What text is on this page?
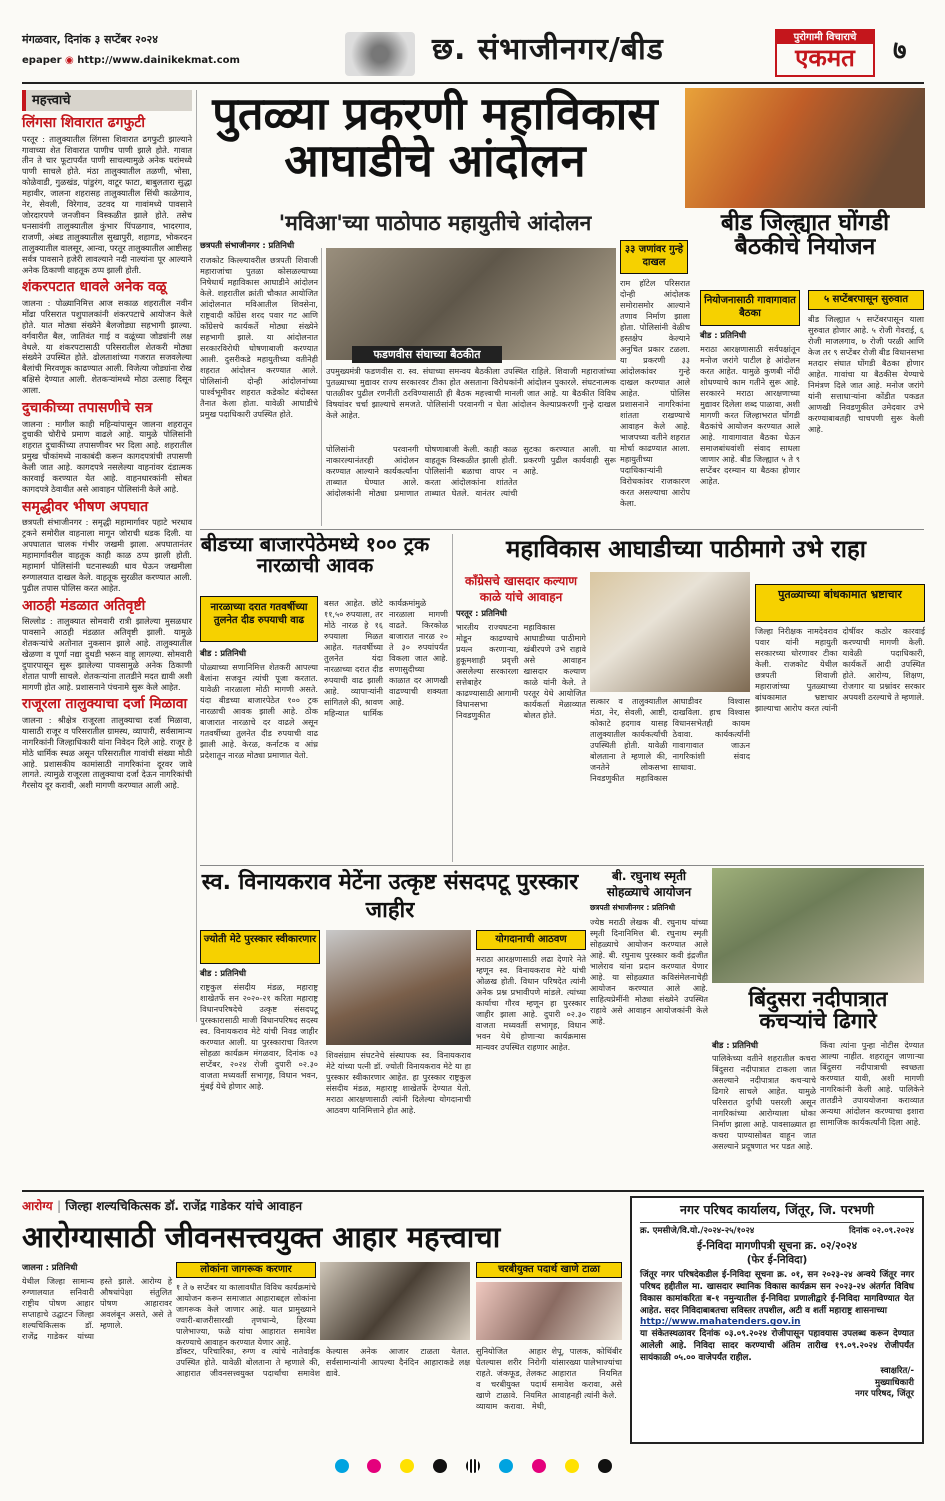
मंगळवार, दिनांक ३ सप्टेंबर २०२४
epaper ◉ http://www.dainikekmat.com	छ. संभाजीनगर/बीड	पुरोगामी विचाराचे
एकमत	७
महत्त्वाचे
लिंगसा शिवारात ढगफुटी
परतूर : तालुक्यातील लिंगसा शिवारात ढगफुटी झाल्याने गावाच्या शेत शिवारात पाणीच पाणी झाले होते. गावात तीन ते चार फूटापर्यंत पाणी साचल्यामुळे अनेक घरांमध्ये पाणी साचले होते. मंठा तालुक्यातील तळणी, भोसा, कोळेवाडी, गुळखंड, पांडुरंग, वाटूर फाटा, बाबुलतारा सुद्धा महावीर, जालना शहरासह तालुक्यातील सिंधी काळेगाव, नेर, सेवली, विरेगाव, उटवद या गावांमध्ये पावसाने जोरदारपणे जनजीवन विस्कळीत झाले होते. तसेच घनसावंगी तालुक्यातील कुंभार पिंपळगाव, भादरगाव, राजणी, अंबड तालुक्यातील सुखापुरी, शहागड, भोकरदन तालुक्यातील वालसूर, आन्वा, परतूर तालुक्यातील आष्टीसह सर्वत्र पावसाने हजेरी लावल्याने नदी नाल्यांना पूर आल्याने अनेक ठिकाणी वाहतूक ठप्प झाली होती.
शंकरपटात धावले अनेक वळू
जालना : पोळ्यानिमित्त आज सकाळ शहरातील नवीन मोंढा परिसरात पशुपालकांनी शंकरपटाचे आयोजन केले होते. यात मोठ्या संख्येने बैलजोड्या सहभागी झाल्या. वर्गवारीत बैल, जातिवंत गाई व वळूंच्या जोड्यांनी लक्ष वेधले. या शंकरपटासाठी परिसरातील शेतकरी मोठ्या संख्येने उपस्थित होते. ढोलताशांच्या गजरात सजवलेल्या बैलांची मिरवणूक काढण्यात आली. विजेत्या जोड्यांना रोख बक्षिसे देण्यात आली. शेतकऱ्यांमध्ये मोठा उत्साह दिसून आला.
दुचाकीच्या तपासणीचे सत्र
जालना : मागील काही महिन्यांपासून जालना शहरातून दुचाकी चोरीचे प्रमाण वाढले आहे. यामुळे पोलिसांनी शहरात दुचाकींच्या तपासणीवर भर दिला आहे. शहरातील प्रमुख चौकांमध्ये नाकाबंदी करून कागदपत्रांची तपासणी केली जात आहे. कागदपत्रे नसलेल्या वाहनांवर दंडात्मक कारवाई करण्यात येत आहे. वाहनधारकांनी सोबत कागदपत्रे ठेवावीत असे आवाहन पोलिसांनी केले आहे.
समृद्धीवर भीषण अपघात
छत्रपती संभाजीनगर : समृद्धी महामार्गावर पहाटे भरधाव ट्रकने समोरील वाहनाला मागून जोराची धडक दिली. या अपघातात चालक गंभीर जखमी झाला. अपघातानंतर महामार्गावरील वाहतूक काही काळ ठप्प झाली होती. महामार्ग पोलिसांनी घटनास्थळी धाव घेऊन जखमीला रुग्णालयात दाखल केले. वाहतूक सुरळीत करण्यात आली. पुढील तपास पोलिस करत आहेत.
आठही मंडळात अतिवृष्टी
सिल्लोड : तालुक्यात सोमवारी रात्री झालेल्या मुसळधार पावसाने आठही मंडळात अतिवृष्टी झाली. यामुळे शेतकऱ्यांचे अतोनात नुकसान झाले आहे. तालुक्यातील खेळणा व पूर्णा नद्या दुथडी भरून वाहू लागल्या. सोमवारी दुपारपासून सुरू झालेल्या पावसामुळे अनेक ठिकाणी शेतात पाणी साचले. शेतकऱ्यांना तातडीने मदत द्यावी अशी मागणी होत आहे. प्रशासनाने पंचनामे सुरू केले आहेत.
राजूरला तालुक्याचा दर्जा मिळावा
जालना : श्रीक्षेत्र राजूरला तालुक्याचा दर्जा मिळावा, यासाठी राजूर व परिसरातील ग्रामस्थ, व्यापारी, सर्वसामान्य नागरिकांनी जिल्हाधिकारी यांना निवेदन दिले आहे. राजूर हे मोठे धार्मिक स्थळ असून परिसरातील गावांची संख्या मोठी आहे. प्रशासकीय कामांसाठी नागरिकांना दूरवर जावे लागते. त्यामुळे राजूरला तालुक्याचा दर्जा देऊन नागरिकांची गैरसोय दूर करावी, अशी मागणी करण्यात आली आहे.
पुतळ्या प्रकरणी महाविकास आघाडीचे आंदोलन
'मविआ'च्या पाठोपाठ महायुतीचे आंदोलन
छत्रपती संभाजीनगर : प्रतिनिधी
राजकोट किल्ल्यावरील छत्रपती शिवाजी महाराजांचा पुतळा कोसळल्याच्या निषेधार्थ महाविकास आघाडीने आंदोलन केले. शहरातील क्रांती चौकात आयोजित आंदोलनात मविआतील शिवसेना, राष्ट्रवादी काँग्रेस शरद पवार गट आणि काँग्रेसचे कार्यकर्ते मोठ्या संख्येने सहभागी झाले. या आंदोलनात सरकारविरोधी घोषणाबाजी करण्यात आली. दुसरीकडे महायुतीच्या वतीनेही शहरात आंदोलन करण्यात आले. पोलिसांनी दोन्ही आंदोलनांच्या पार्श्वभूमीवर शहरात कडेकोट बंदोबस्त तैनात केला होता. यावेळी आघाडीचे प्रमुख पदाधिकारी उपस्थित होते.
फडणवीस संघाच्या बैठकीत
उपमुख्यमंत्री फडणवीस रा. स्व. संघाच्या समन्वय बैठकीला उपस्थित राहिले. शिवाजी महाराजांच्या पुतळ्याच्या मुद्यावर राज्य सरकारवर टीका होत असताना विरोधकांनी आंदोलन पुकारले. संघटनात्मक पातळीवर पुढील रणनीती ठरविण्यासाठी ही बैठक महत्त्वाची मानली जात आहे. या बैठकीत विविध विषयांवर चर्चा झाल्याचे समजते. पोलिसांनी परवानगी न घेता आंदोलन केल्याप्रकरणी गुन्हे दाखल केले आहेत.
पोलिसांनी परवानगी नाकारल्यानंतरही आंदोलन करण्यात आल्याने कार्यकर्त्यांना ताब्यात घेण्यात आले. आंदोलकांनी मोठ्या प्रमाणात घोषणाबाजी केली. काही काळ वाहतूक विस्कळीत झाली होती. पोलिसांनी बळाचा वापर न करता आंदोलकांना शांततेत ताब्यात घेतले. यानंतर त्यांची सुटका करण्यात आली. या प्रकरणी पुढील कार्यवाही सुरू आहे.
३३ जणांवर गुन्हे दाखल
राम हॉटेल परिसरात दोन्ही आंदोलक समोरासमोर आल्याने तणाव निर्माण झाला होता. पोलिसांनी वेळीच हस्तक्षेप केल्याने अनुचित प्रकार टळला. या प्रकरणी ३३ आंदोलकांवर गुन्हे दाखल करण्यात आले आहेत. पोलिस प्रशासनाने नागरिकांना शांतता राखण्याचे आवाहन केले आहे. भाजपच्या वतीने शहरात मोर्चा काढण्यात आला. महायुतीच्या पदाधिकाऱ्यांनी विरोधकांवर राजकारण करत असल्याचा आरोप केला.
बीड जिल्ह्यात घोंगडी बैठकीचे नियोजन
नियोजनासाठी गावागावात बैठका
बीड : प्रतिनिधी
मराठा आरक्षणासाठी सर्वपक्षांतून मनोज जरांगे पाटील हे आंदोलन करत आहेत. यामुळे कुणबी नोंदी शोधण्याचे काम गतीने सुरू आहे. सरकारने मराठा आरक्षणाच्या मुद्यावर दिलेला शब्द पाळावा, अशी मागणी करत जिल्हाभरात घोंगडी बैठकांचे आयोजन करण्यात आले आहे. गावागावात बैठका घेऊन समाजबांधवांशी संवाद साधला जाणार आहे. बीड जिल्ह्यात ५ ते ९ सप्टेंबर दरम्यान या बैठका होणार आहेत.
५ सप्टेंबरपासून सुरुवात
बीड जिल्ह्यात ५ सप्टेंबरपासून याला सुरुवात होणार आहे. ५ रोजी गेवराई, ६ रोजी माजलगाव, ७ रोजी परळी आणि केज तर ९ सप्टेंबर रोजी बीड विधानसभा मतदार संघात घोंगडी बैठका होणार आहेत. गावांचा या बैठकीस येण्याचे निमंत्रण दिले जात आहे. मनोज जरांगे यांनी सत्ताधाऱ्यांना कोंडीत पकडत आणखी निवडणुकीत उमेदवार उभे करण्याबाबतही चाचपणी सुरू केली आहे.
बीडच्या बाजारपेठेमध्ये १०० ट्रक नारळाची आवक
नारळाच्या दरात गतवर्षीच्या तुलनेत दीड रुपयाची वाढ
बीड : प्रतिनिधी
पोळ्याच्या सणानिमित्त शेतकरी आपल्या बैलांना सजवून त्यांची पूजा करतात. यावेळी नारळाला मोठी मागणी असते. यंदा बीडच्या बाजारपेठेत १०० ट्रक नारळाची आवक झाली आहे. ठोक बाजारात नारळाचे दर वाढले असून गतवर्षीच्या तुलनेत दीड रुपयाची वाढ झाली आहे. केरळ, कर्नाटक व आंध्र प्रदेशातून नारळ मोठ्या प्रमाणात येतो.
बसत आहेत. छोटे ११,५० रुपयाला, तर मोठे नारळ हे १६ रुपयाला मिळत आहेत. गतवर्षीच्या तुलनेत यंदा नारळाच्या दरात दीड रुपयाची वाढ झाली आहे. व्यापाऱ्यांनी सांगितले की, श्रावण महिन्यात धार्मिक कार्यक्रमांमुळे नारळाला मागणी वाढते. किरकोळ बाजारात नारळ २० ते ३० रुपयांपर्यंत विकला जात आहे. सणासुदीच्या काळात दर आणखी वाढण्याची शक्यता आहे.
महाविकास आघाडीच्या पाठीमागे उभे राहा
काँग्रेसचे खासदार कल्याण काळे यांचे आवाहन
परतूर : प्रतिनिधी
भारतीय राज्यघटना मोडून काढण्याचे प्रयत्न करणाऱ्या, हुकूमशाही प्रवृत्ती असलेल्या सरकारला सत्तेबाहेर काढण्यासाठी आगामी विधानसभा निवडणुकीत महाविकास आघाडीच्या पाठीमागे खंबीरपणे उभे राहावे असे आवाहन खासदार कल्याण काळे यांनी केले. ते परतूर येथे आयोजित कार्यकर्ता मेळाव्यात बोलत होते.
सत्कार व तालुक्यातील मंठा, नेर, सेवली, आष्टी, कोकाटे हदगाव यासह तालुक्यातील कार्यकर्त्यांची उपस्थिती होती. यावेळी बोलताना ते म्हणाले की, जनतेने लोकसभा निवडणुकीत महाविकास आघाडीवर विश्वास दाखविला. हाच विश्वास विधानसभेतही कायम ठेवावा. कार्यकर्त्यांनी गावागावात जाऊन नागरिकांशी संवाद साधावा.
पुतळ्याच्या बांधकामात भ्रष्टाचार
जिल्हा निरीक्षक नामदेवराव पवार यांनी महायुती सरकारच्या धोरणावर टीका केली. राजकोट येथील छत्रपती शिवाजी महाराजांच्या पुतळ्याच्या बांधकामात भ्रष्टाचार झाल्याचा आरोप करत त्यांनी दोषींवर कठोर कारवाई करण्याची मागणी केली. यावेळी पदाधिकारी, कार्यकर्ते आदी उपस्थित होते. आरोग्य, शिक्षण, रोजगार या प्रश्नांवर सरकार अपयशी ठरल्याचे ते म्हणाले.
स्व. विनायकराव मेटेंना उत्कृष्ट संसदपटू पुरस्कार जाहीर
ज्योती मेटे पुरस्कार स्वीकारणार
बीड : प्रतिनिधी
राष्ट्रकुल संसदीय मंडळ, महाराष्ट्र शाखेतर्फे सन २०२०-२१ करिता महाराष्ट्र विधानपरिषदेचे उत्कृष्ट संसदपटू पुरस्कारासाठी माजी विधानपरिषद सदस्य स्व. विनायकराव मेटे यांची निवड जाहीर करण्यात आली. या पुरस्काराचा वितरण सोहळा कार्यक्रम मंगळवार, दिनांक ०३ सप्टेंबर, २०२४ रोजी दुपारी ०२.३० वाजता मध्यवर्ती सभागृह, विधान भवन, मुंबई येथे होणार आहे.
शिवसंग्राम संघटनेचे संस्थापक स्व. विनायकराव मेटे यांच्या पत्नी डॉ. ज्योती विनायकराव मेटे या हा पुरस्कार स्वीकारणार आहेत. हा पुरस्कार राष्ट्रकुल संसदीय मंडळ, महाराष्ट्र शाखेतर्फे देण्यात येतो. मराठा आरक्षणासाठी त्यांनी दिलेल्या योगदानाची आठवण यानिमित्ताने होत आहे.
योगदानाची आठवण
मराठा आरक्षणासाठी लढा देणारे नेते म्हणून स्व. विनायकराव मेटे यांची ओळख होती. विधान परिषदेत त्यांनी अनेक प्रश्न प्रभावीपणे मांडले. त्यांच्या कार्याचा गौरव म्हणून हा पुरस्कार जाहीर झाला आहे. दुपारी ०२.३० वाजता मध्यवर्ती सभागृह, विधान भवन येथे होणाऱ्या कार्यक्रमास मान्यवर उपस्थित राहणार आहेत.
बी. रघुनाथ स्मृती सोहळ्याचे आयोजन
छत्रपती संभाजीनगर : प्रतिनिधी
ज्येष्ठ मराठी लेखक बी. रघुनाथ यांच्या स्मृती दिनानिमित्त बी. रघुनाथ स्मृती सोहळ्याचे आयोजन करण्यात आले आहे. बी. रघुनाथ पुरस्कार कवी इंद्रजीत भालेराव यांना प्रदान करण्यात येणार आहे. या सोहळ्यात कविसंमेलनाचेही आयोजन करण्यात आले आहे. साहित्यप्रेमींनी मोठ्या संख्येने उपस्थित राहावे असे आवाहन आयोजकांनी केले आहे.
बिंदुसरा नदीपात्रात कचऱ्यांचे ढिगारे
बीड : प्रतिनिधी
पालिकेच्या वतीने शहरातील कचरा बिंदुसरा नदीपात्रात टाकला जात असल्याने नदीपात्रात कचऱ्याचे ढिगारे साचले आहेत. यामुळे परिसरात दुर्गंधी पसरली असून नागरिकांच्या आरोग्याला धोका निर्माण झाला आहे. पावसाळ्यात हा कचरा पाण्यासोबत वाहून जात असल्याने प्रदूषणात भर पडत आहे.
किंवा त्यांना पुन्हा नोटीस देण्यात आल्या नाहीत. शहरातून जाणाऱ्या बिंदुसरा नदीपात्राची स्वच्छता करण्यात यावी, अशी मागणी नागरिकांनी केली आहे. पालिकेने तातडीने उपाययोजना कराव्यात अन्यथा आंदोलन करण्याचा इशारा सामाजिक कार्यकर्त्यांनी दिला आहे.
आरोग्य | जिल्हा शल्यचिकित्सक डॉ. राजेंद्र गाडेकर यांचे आवाहन
आरोग्यासाठी जीवनसत्त्वयुक्त आहार महत्त्वाचा
जालना : प्रतिनिधी
येथील जिल्हा सामान्य रुग्णालयात सनिवारी राष्ट्रीय पोषण आहार सप्ताहाचे उद्घाटन जिल्हा शल्यचिकित्सक डॉ. राजेंद्र गाडेकर यांच्या हस्ते झाले. आरोग्य हे औषधांपेक्षा संतुलित पोषण आहारावर अवलंबून असते, असे ते म्हणाले.
लोकांना जागरूक करणार
१ ते ७ सप्टेंबर या कालावधीत विविध कार्यक्रमांचे आयोजन करून समाजात आहाराबद्दल लोकांना जागरूक केले जाणार आहे. यात प्रामुख्याने ज्वारी-बाजरीसारखी तृणधान्ये, हिरव्या पालेभाज्या, फळे यांचा आहारात समावेश करण्याचे आवाहन करण्यात येणार आहे.
डॉक्टर, परिचारिका, रुग्ण व त्यांचे नातेवाईक उपस्थित होते. यावेळी बोलताना ते म्हणाले की, आहारात जीवनसत्त्वयुक्त पदार्थांचा समावेश केल्यास अनेक आजार टाळता येतात. सर्वसामान्यांनी आपल्या दैनंदिन आहाराकडे लक्ष द्यावे.
चरबीयुक्त पदार्थ खाणे टाळा
सुनियोजित आहार घेतल्यास शरीर निरोगी राहते. जंकफूड, तेलकट व चरबीयुक्त पदार्थ खाणे टाळावे. नियमित व्यायाम करावा. मेथी, शेपू, पालक, कोथिंबीर यांसारख्या पालेभाज्यांचा आहारात नियमित समावेश करावा, असे आवाहनही त्यांनी केले.
नगर परिषद कार्यालय, जिंतूर, जि. परभणी
क्र. एमसीजे/वि.यो./२०२४-२५/१०२४	दिनांक ०२.०९.२०२४
ई-निविदा मागणीपत्री सूचना क्र. ०२/२०२४
(फेर ई-निविदा)
जिंतूर नगर परिषदेकडील ई-निविदा सूचना क्र. ०१, सन २०२३-२४ अन्वये जिंतूर नगर परिषद हद्दीतील मा. खासदार स्थानिक विकास कार्यक्रम सन २०२३-२४ अंतर्गत विविध विकास कामांकरिता ब-१ नमुन्यातील ई-निविदा प्रणालीद्वारे ई-निविदा मागविण्यात येत आहेत. सदर निविदाबाबतचा सविस्तर तपशील, अटी व शर्ती महाराष्ट्र शासनाच्या
http://www.mahatenders.gov.in
या संकेतस्थळावर दिनांक ०३.०९.२०२४ रोजीपासून पहावयास उपलब्ध करून देण्यात आलेली आहे. निविदा सादर करण्याची अंतिम तारीख १९.०९.२०२४ रोजीपर्यंत सायंकाळी ०५.०० वाजेपर्यंत राहील.
स्वाक्षरित/-
मुख्याधिकारी
नगर परिषद, जिंतूर
